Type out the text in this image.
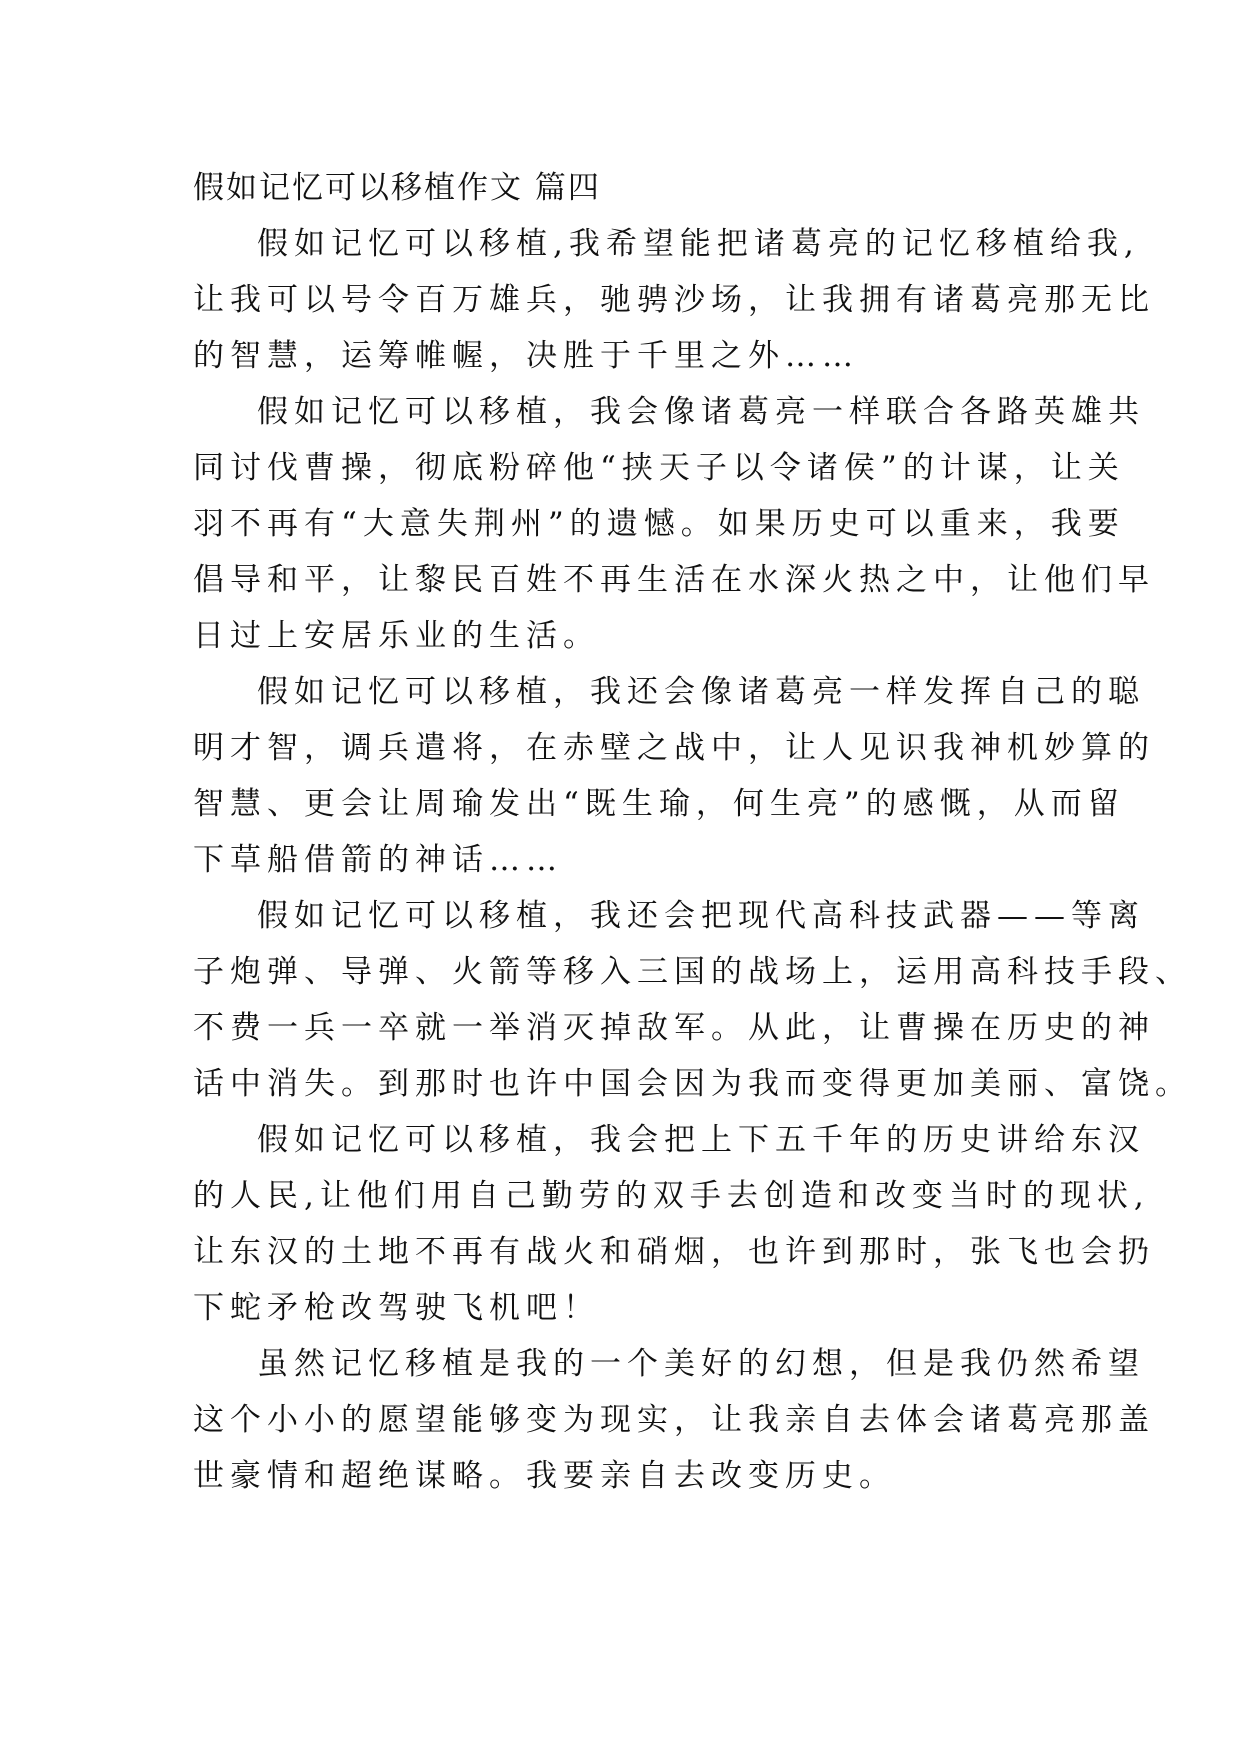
假如记忆可以移植作文 篇四

假如记忆可以移植,我希望能把诸葛亮的记忆移植给我,
让我可以号令百万雄兵，驰骋沙场，让我拥有诸葛亮那无比
的智慧，运筹帷幄，决胜于千里之外……

假如记忆可以移植，我会像诸葛亮一样联合各路英雄共
同讨伐曹操，彻底粉碎他“挟天子以令诸侯”的计谋，让关
羽不再有“大意失荆州”的遗憾。如果历史可以重来，我要
倡导和平，让黎民百姓不再生活在水深火热之中，让他们早
日过上安居乐业的生活。

假如记忆可以移植，我还会像诸葛亮一样发挥自己的聪
明才智，调兵遣将，在赤壁之战中，让人见识我神机妙算的
智慧、更会让周瑜发出“既生瑜，何生亮”的感慨，从而留
下草船借箭的神话……

假如记忆可以移植，我还会把现代高科技武器——等离
子炮弹、导弹、火箭等移入三国的战场上，运用高科技手段、
不费一兵一卒就一举消灭掉敌军。从此，让曹操在历史的神
话中消失。到那时也许中国会因为我而变得更加美丽、富饶。

假如记忆可以移植，我会把上下五千年的历史讲给东汉
的人民,让他们用自己勤劳的双手去创造和改变当时的现状,
让东汉的土地不再有战火和硝烟，也许到那时，张飞也会扔
下蛇矛枪改驾驶飞机吧！

虽然记忆移植是我的一个美好的幻想，但是我仍然希望
这个小小的愿望能够变为现实，让我亲自去体会诸葛亮那盖
世豪情和超绝谋略。我要亲自去改变历史。
